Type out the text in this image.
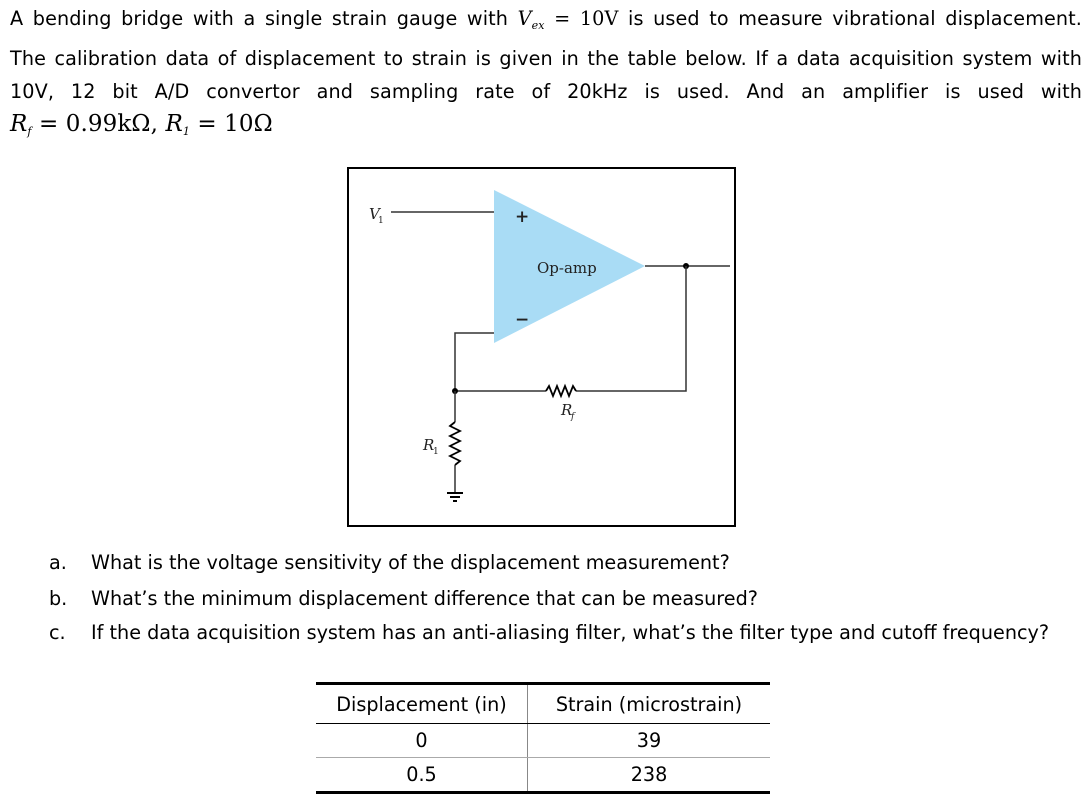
A bending bridge with a single strain gauge with $V_{ex} = 10V$ is used to measure vibrational displacement.
The calibration data of displacement to strain is given in the table below. If a data acquisition system with
10V, 12 bit A/D convertor and sampling rate of 20kHz is used. And an amplifier is used with
$R_f = 0.99k\Omega$, $R_1 = 10\Omega$
V
1	+
−
Op-amp
R
f
R
1
a. What is the voltage sensitivity of the displacement measurement?
b. What’s the minimum displacement difference that can be measured?
c. If the data acquisition system has an anti-aliasing filter, what’s the filter type and cutoff frequency?
Displacement (in)	Strain (microstrain)
0	39
0.5	238
